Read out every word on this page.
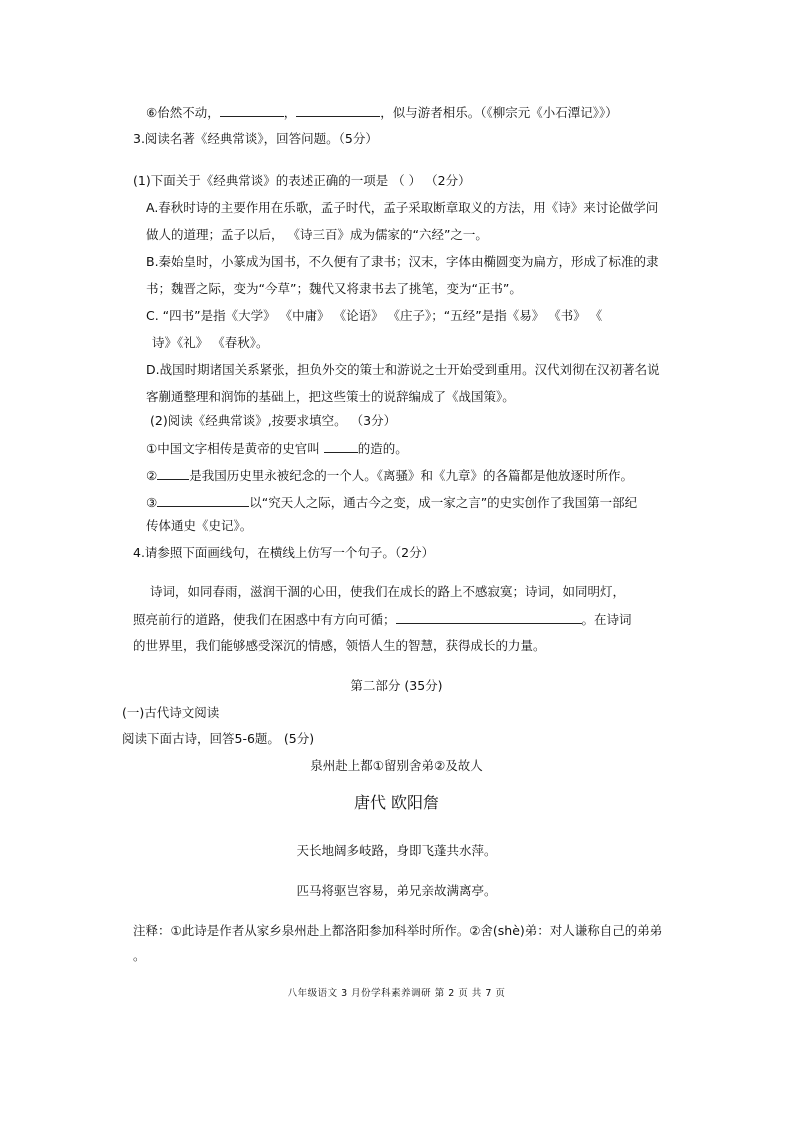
⑥佁然不动，	，	，似与游者相乐。（《柳宗元《小石潭记》》）
3.阅读名著《经典常谈》，回答问题。（5分）
(1)下面关于《经典常谈》的表述正确的一项是 （ ） （2分）
A.春秋时诗的主要作用在乐歌，孟子时代，孟子采取断章取义的方法，用《诗》来讨论做学问
做人的道理；孟子以后， 《诗三百》成为儒家的“六经”之一。
B.秦始皇时，小篆成为国书，不久便有了隶书；汉末，字体由椭圆变为扁方，形成了标准的隶
书；魏晋之际，变为“今草”；魏代又将隶书去了挑笔，变为“正书”。
C. “四书”是指《大学》 《中庸》 《论语》 《庄子》；“五经”是指《易》 《书》 《
诗》《礼》 《春秋》。
D.战国时期诸国关系紧张，担负外交的策士和游说之士开始受到重用。汉代刘彻在汉初著名说
客蒯通整理和润饰的基础上，把这些策士的说辞编成了《战国策》。
(2)阅读《经典常谈》,按要求填空。 （3分）
①中国文字相传是黄帝的史官叫	的造的。
②	是我国历史里永被纪念的一个人。《离骚》和《九章》的各篇都是他放逐时所作。
③	以“究天人之际，通古今之变，成一家之言”的史实创作了我国第一部纪
传体通史《史记》。
4.请参照下面画线句，在横线上仿写一个句子。（2分）
诗词，如同春雨，滋润干涸的心田，使我们在成长的路上不感寂寞；诗词，如同明灯，
照亮前行的道路，使我们在困惑中有方向可循；	。在诗词
的世界里，我们能够感受深沉的情感，领悟人生的智慧，获得成长的力量。
第二部分 (35分)
(一)古代诗文阅读
阅读下面古诗，回答5-6题。 (5分)
泉州赴上都①留别舍弟②及故人
唐代 欧阳詹
天长地阔多岐路，身即飞蓬共水萍。
匹马将驱岂容易，弟兄亲故满离亭。
注释：①此诗是作者从家乡泉州赴上都洛阳参加科举时所作。②舍(shè)弟：对人谦称自己的弟弟
。
八年级语文 3 月份学科素养调研 第 2 页 共 7 页
